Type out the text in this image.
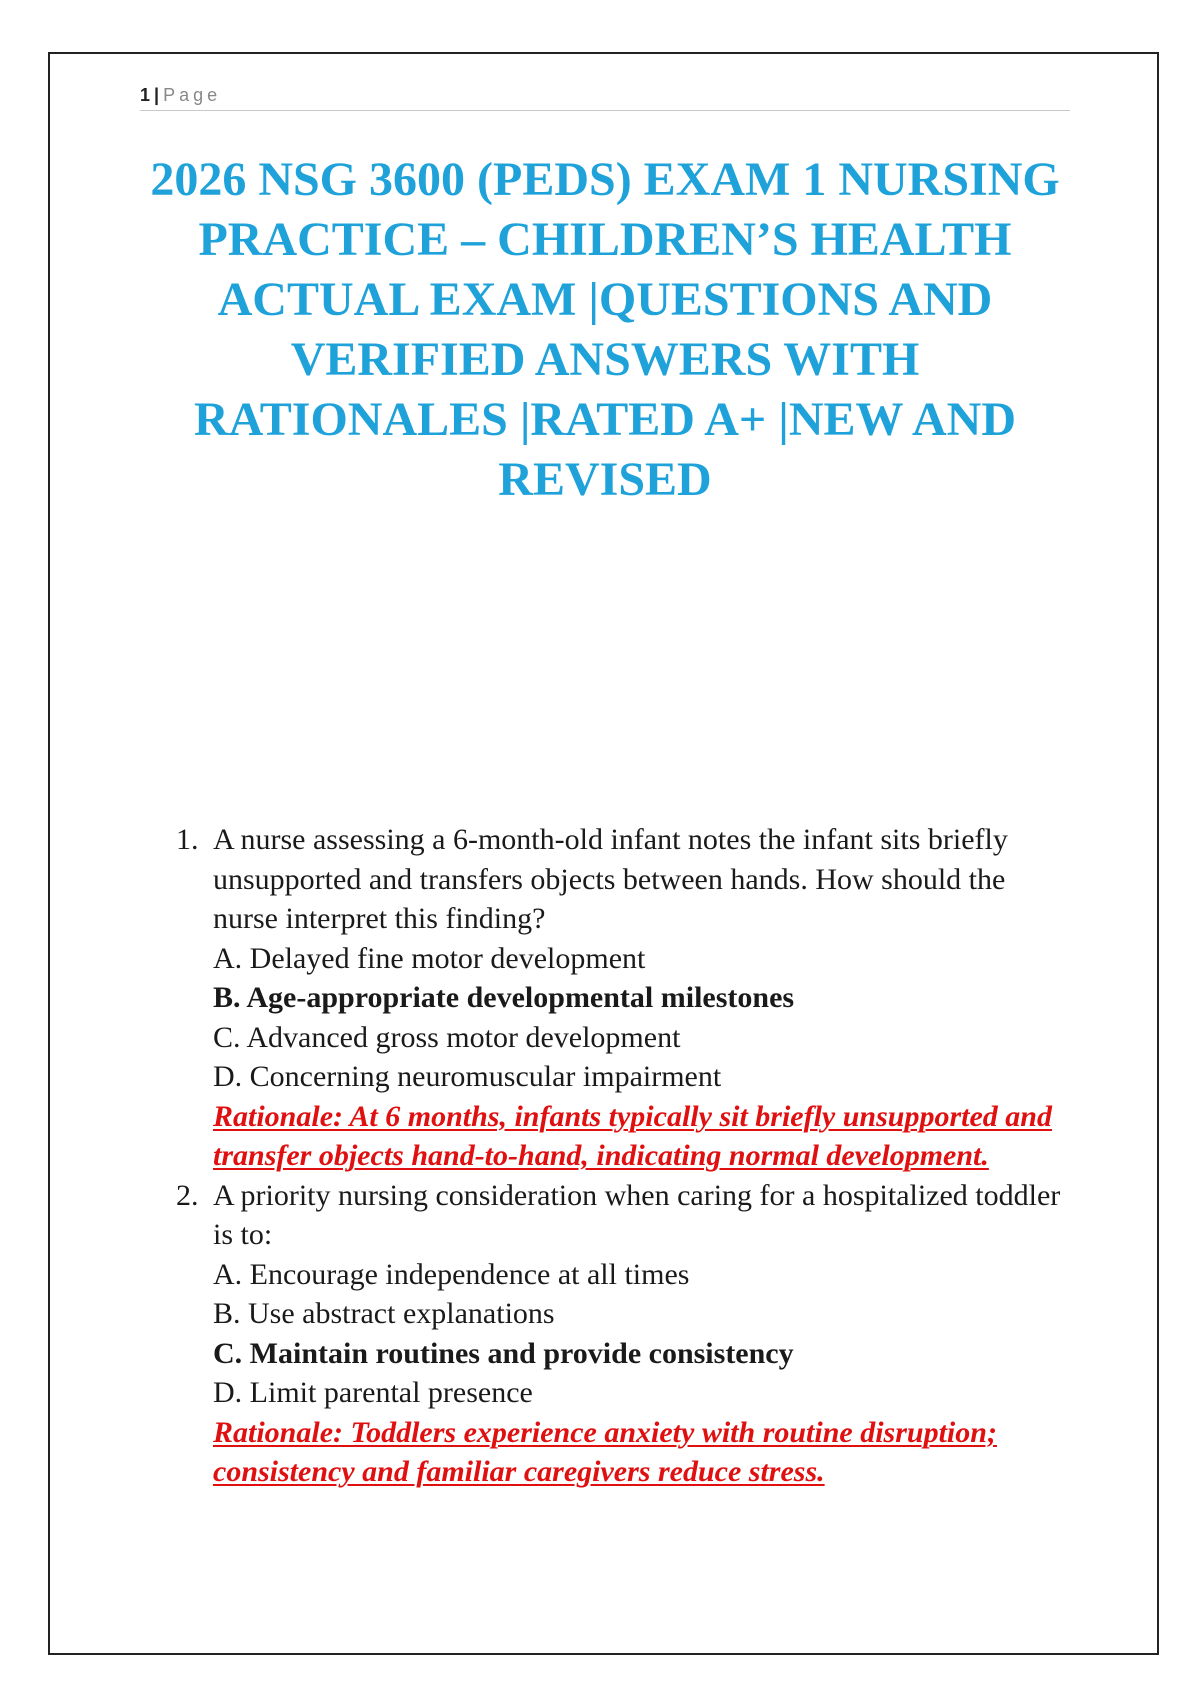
1 | Page
2026 NSG 3600 (PEDS) EXAM 1 NURSING PRACTICE – CHILDREN’S HEALTH ACTUAL EXAM |QUESTIONS AND VERIFIED ANSWERS WITH RATIONALES |RATED A+ |NEW AND REVISED
1. A nurse assessing a 6-month-old infant notes the infant sits briefly unsupported and transfers objects between hands. How should the nurse interpret this finding?
A. Delayed fine motor development
B. Age-appropriate developmental milestones
C. Advanced gross motor development
D. Concerning neuromuscular impairment
Rationale: At 6 months, infants typically sit briefly unsupported and transfer objects hand-to-hand, indicating normal development.
2. A priority nursing consideration when caring for a hospitalized toddler is to:
A. Encourage independence at all times
B. Use abstract explanations
C. Maintain routines and provide consistency
D. Limit parental presence
Rationale: Toddlers experience anxiety with routine disruption; consistency and familiar caregivers reduce stress.
